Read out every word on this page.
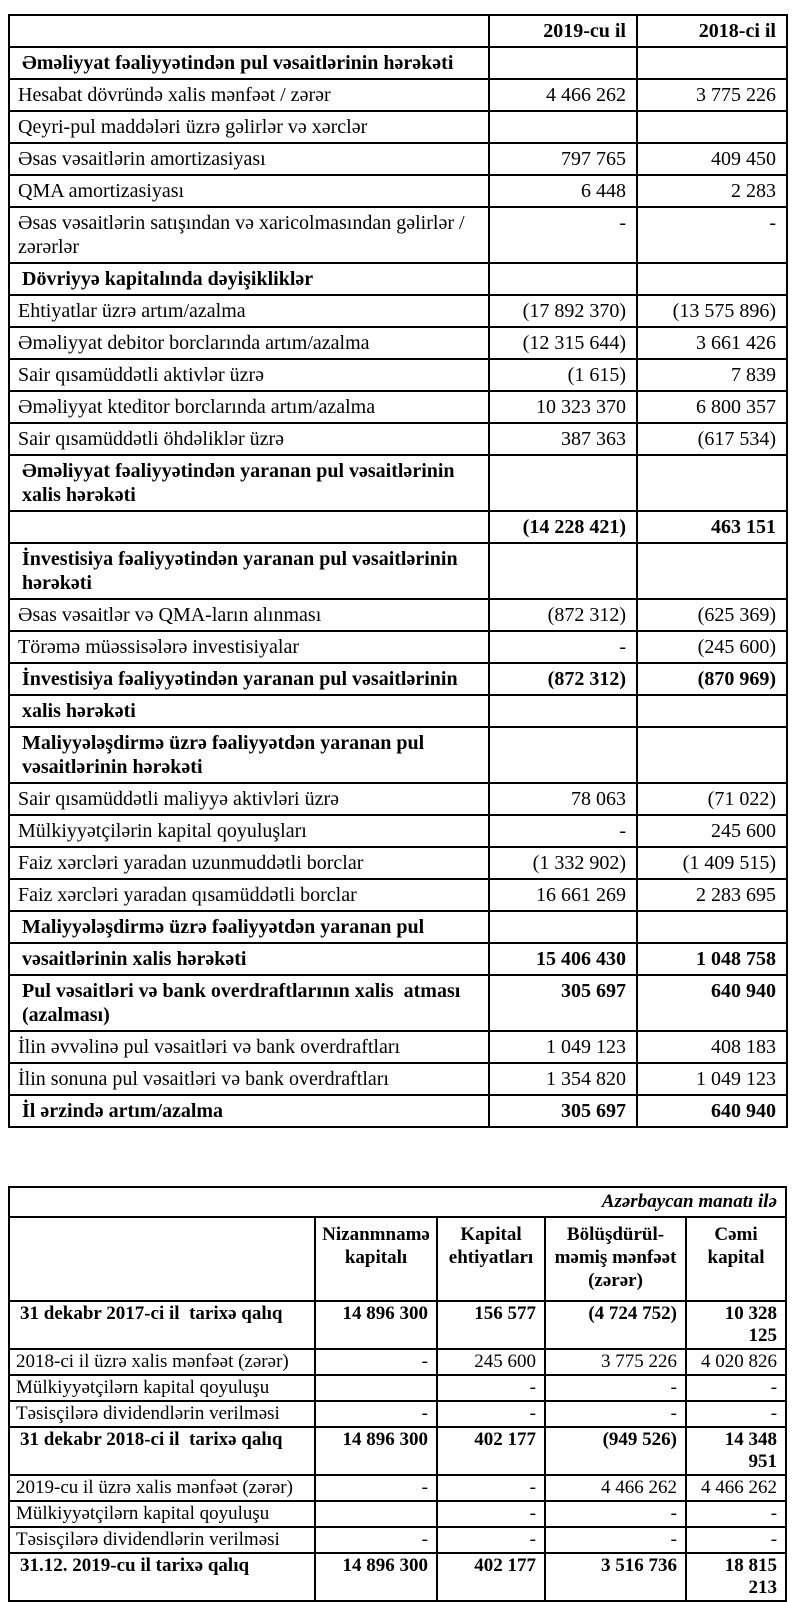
	2019-cu il	2018-ci il
Əməliyyat fəaliyyətindən pul vəsaitlərinin hərəkəti		
Hesabat dövründə xalis mənfəət / zərər	4 466 262	3 775 226
Qeyri-pul maddələri üzrə gəlirlər və xərclər		
Əsas vəsaitlərin amortizasiyası	797 765	409 450
QMA amortizasiyası	6 448	2 283
Əsas vəsaitlərin satışından və xaricolmasından gəlirlər / zərərlər	-	-
Dövriyyə kapitalında dəyişikliklər		
Ehtiyatlar üzrə artım/azalma	(17 892 370)	(13 575 896)
Əməliyyat debitor borclarında artım/azalma	(12 315 644)	3 661 426
Sair qısamüddətli aktivlər üzrə	(1 615)	7 839
Əməliyyat kteditor borclarında artım/azalma	10 323 370	6 800 357
Sair qısamüddətli öhdəliklər üzrə	387 363	(617 534)
Əməliyyat fəaliyyətindən yaranan pul vəsaitlərinin xalis hərəkəti		
	(14 228 421)	463 151
İnvestisiya fəaliyyətindən yaranan pul vəsaitlərinin hərəkəti		
Əsas vəsaitlər və QMA-ların alınması	(872 312)	(625 369)
Törəmə müəssisələrə investisiyalar	-	(245 600)
İnvestisiya fəaliyyətindən yaranan pul vəsaitlərinin	(872 312)	(870 969)
xalis hərəkəti		
Maliyyələşdirmə üzrə fəaliyyətdən yaranan pul vəsaitlərinin hərəkəti		
Sair qısamüddətli maliyyə aktivləri üzrə	78 063	(71 022)
Mülkiyyətçilərin kapital qoyuluşları	-	245 600
Faiz xərcləri yaradan uzunmuddətli borclar	(1 332 902)	(1 409 515)
Faiz xərcləri yaradan qısamüddətli borclar	16 661 269	2 283 695
Maliyyələşdirmə üzrə fəaliyyətdən yaranan pul		
vəsaitlərinin xalis hərəkəti	15 406 430	1 048 758
Pul vəsaitləri və bank overdraftlarının xalis  atması (azalması)	305 697	640 940
İlin əvvəlinə pul vəsaitləri və bank overdraftları	1 049 123	408 183
İlin sonuna pul vəsaitləri və bank overdraftları	1 354 820	1 049 123
İl ərzində artım/azalma	305 697	640 940
Azərbaycan manatı ilə				
	Nizanmnamə kapitalı	Kapital ehtiyatları	Bölüşdürül-məmiş mənfəət (zərər)	Cəmi kapital
31 dekabr 2017-ci il  tarixə qalıq	14 896 300	156 577	(4 724 752)	10 328 125
2018-ci il üzrə xalis mənfəət (zərər)	-	245 600	3 775 226	4 020 826
Mülkiyyətçilərn kapital qoyuluşu		-	-	-
Təsisçilərə dividendlərin verilməsi	-	-	-	-
31 dekabr 2018-ci il  tarixə qalıq	14 896 300	402 177	(949 526)	14 348 951
2019-cu il üzrə xalis mənfəət (zərər)	-	-	4 466 262	4 466 262
Mülkiyyətçilərn kapital qoyuluşu		-	-	-
Təsisçilərə dividendlərin verilməsi	-	-	-	-
31.12. 2019-cu il tarixə qalıq	14 896 300	402 177	3 516 736	18 815 213
